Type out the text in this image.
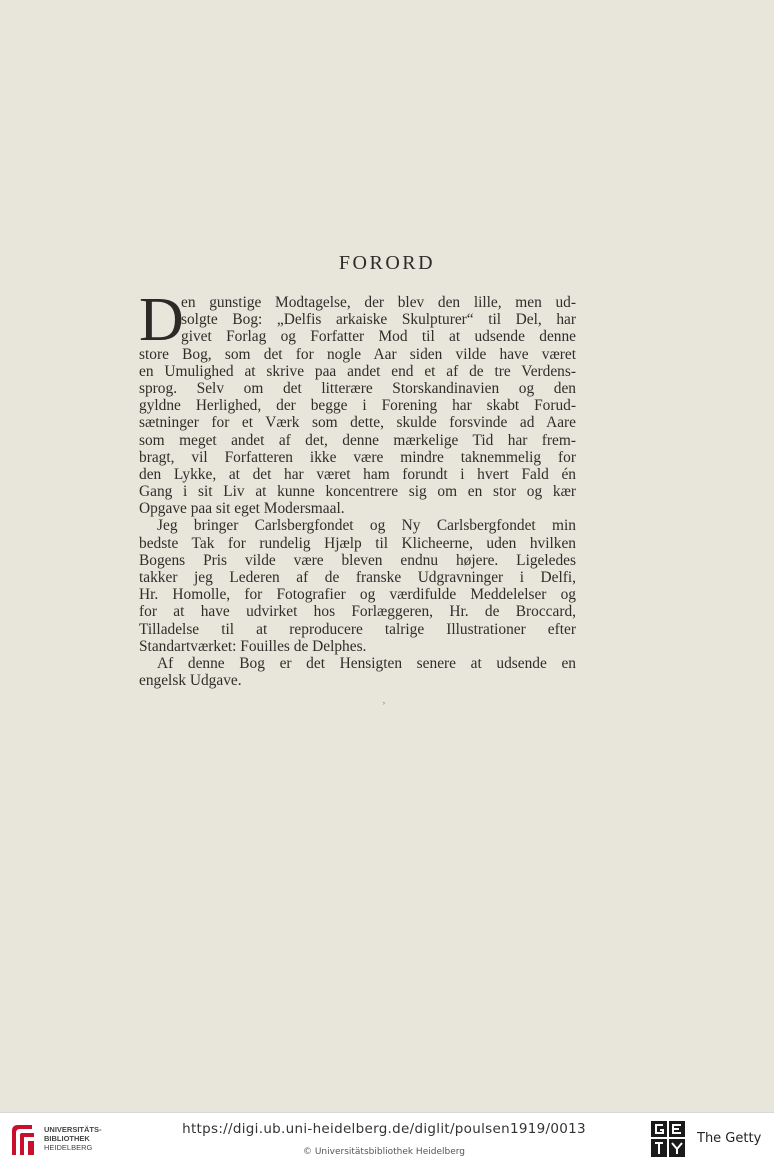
FORORD
D
en gunstige Modtagelse, der blev den lille, men ud-
solgte Bog: „Delfis arkaiske Skulpturer“ til Del, har
givet Forlag og Forfatter Mod til at udsende denne
store Bog, som det for nogle Aar siden vilde have været
en Umulighed at skrive paa andet end et af de tre Verdens-
sprog. Selv om det litterære Storskandinavien og den
gyldne Herlighed, der begge i Forening har skabt Forud-
sætninger for et Værk som dette, skulde forsvinde ad Aare
som meget andet af det, denne mærkelige Tid har frem-
bragt, vil Forfatteren ikke være mindre taknemmelig for
den Lykke, at det har været ham forundt i hvert Fald én
Gang i sit Liv at kunne koncentrere sig om en stor og kær
Opgave paa sit eget Modersmaal.
Jeg bringer Carlsbergfondet og Ny Carlsbergfondet min
bedste Tak for rundelig Hjælp til Klicheerne, uden hvilken
Bogens Pris vilde være bleven endnu højere. Ligeledes
takker jeg Lederen af de franske Udgravninger i Delfi,
Hr. Homolle, for Fotografier og værdifulde Meddelelser og
for at have udvirket hos Forlæggeren, Hr. de Broccard,
Tilladelse til at reproducere talrige Illustrationer efter
Standartværket: Fouilles de Delphes.
Af denne Bog er det Hensigten senere at udsende en
engelsk Udgave.
ʼ
UNIVERSITÄTS-
BIBLIOTHEK
HEIDELBERG
https://digi.ub.uni-heidelberg.de/diglit/poulsen1919/0013
© Universitätsbibliothek Heidelberg
The Getty
